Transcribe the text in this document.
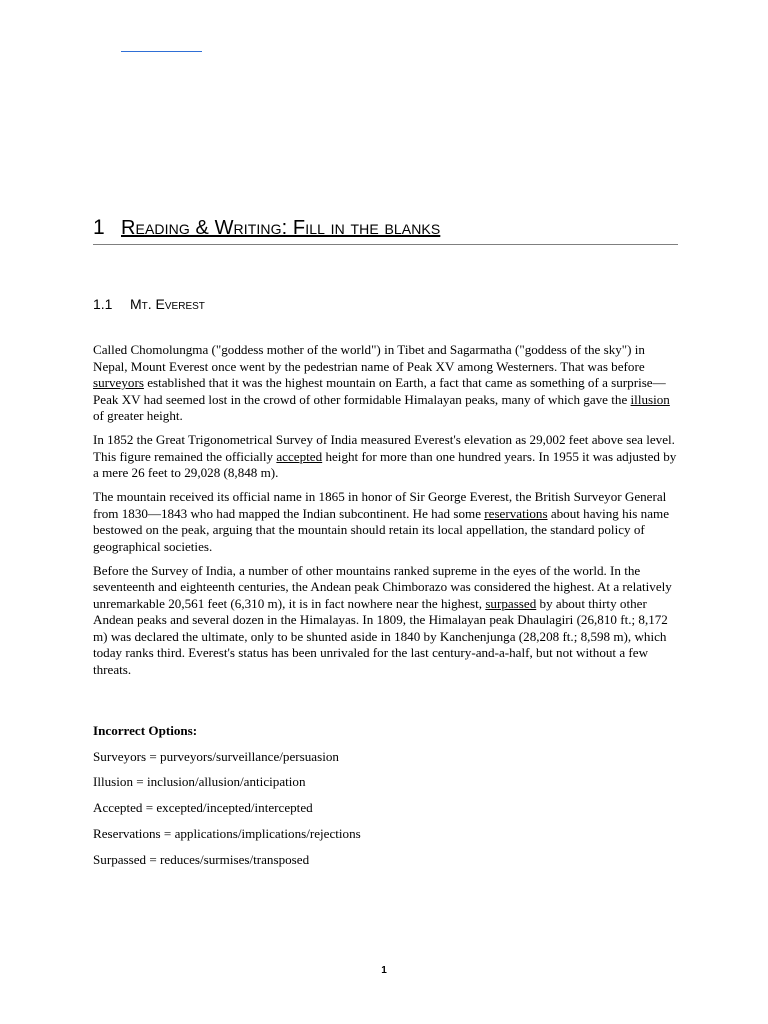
1 Reading & Writing: Fill in the blanks
1.1 Mt. Everest

Called Chomolungma ("goddess mother of the world") in Tibet and Sagarmatha ("goddess of the sky") in Nepal, Mount Everest once went by the pedestrian name of Peak XV among Westerners. That was before surveyors established that it was the highest mountain on Earth, a fact that came as something of a surprise—Peak XV had seemed lost in the crowd of other formidable Himalayan peaks, many of which gave the illusion of greater height.

In 1852 the Great Trigonometrical Survey of India measured Everest's elevation as 29,002 feet above sea level. This figure remained the officially accepted height for more than one hundred years. In 1955 it was adjusted by a mere 26 feet to 29,028 (8,848 m).

The mountain received its official name in 1865 in honor of Sir George Everest, the British Surveyor General from 1830—1843 who had mapped the Indian subcontinent. He had some reservations about having his name bestowed on the peak, arguing that the mountain should retain its local appellation, the standard policy of geographical societies.

Before the Survey of India, a number of other mountains ranked supreme in the eyes of the world. In the seventeenth and eighteenth centuries, the Andean peak Chimborazo was considered the highest. At a relatively unremarkable 20,561 feet (6,310 m), it is in fact nowhere near the highest, surpassed by about thirty other Andean peaks and several dozen in the Himalayas. In 1809, the Himalayan peak Dhaulagiri (26,810 ft.; 8,172 m) was declared the ultimate, only to be shunted aside in 1840 by Kanchenjunga (28,208 ft.; 8,598 m), which today ranks third. Everest's status has been unrivaled for the last century-and-a-half, but not without a few threats.

Incorrect Options:
Surveyors = purveyors/surveillance/persuasion
Illusion = inclusion/allusion/anticipation
Accepted = excepted/incepted/intercepted
Reservations = applications/implications/rejections
Surpassed = reduces/surmises/transposed
1
